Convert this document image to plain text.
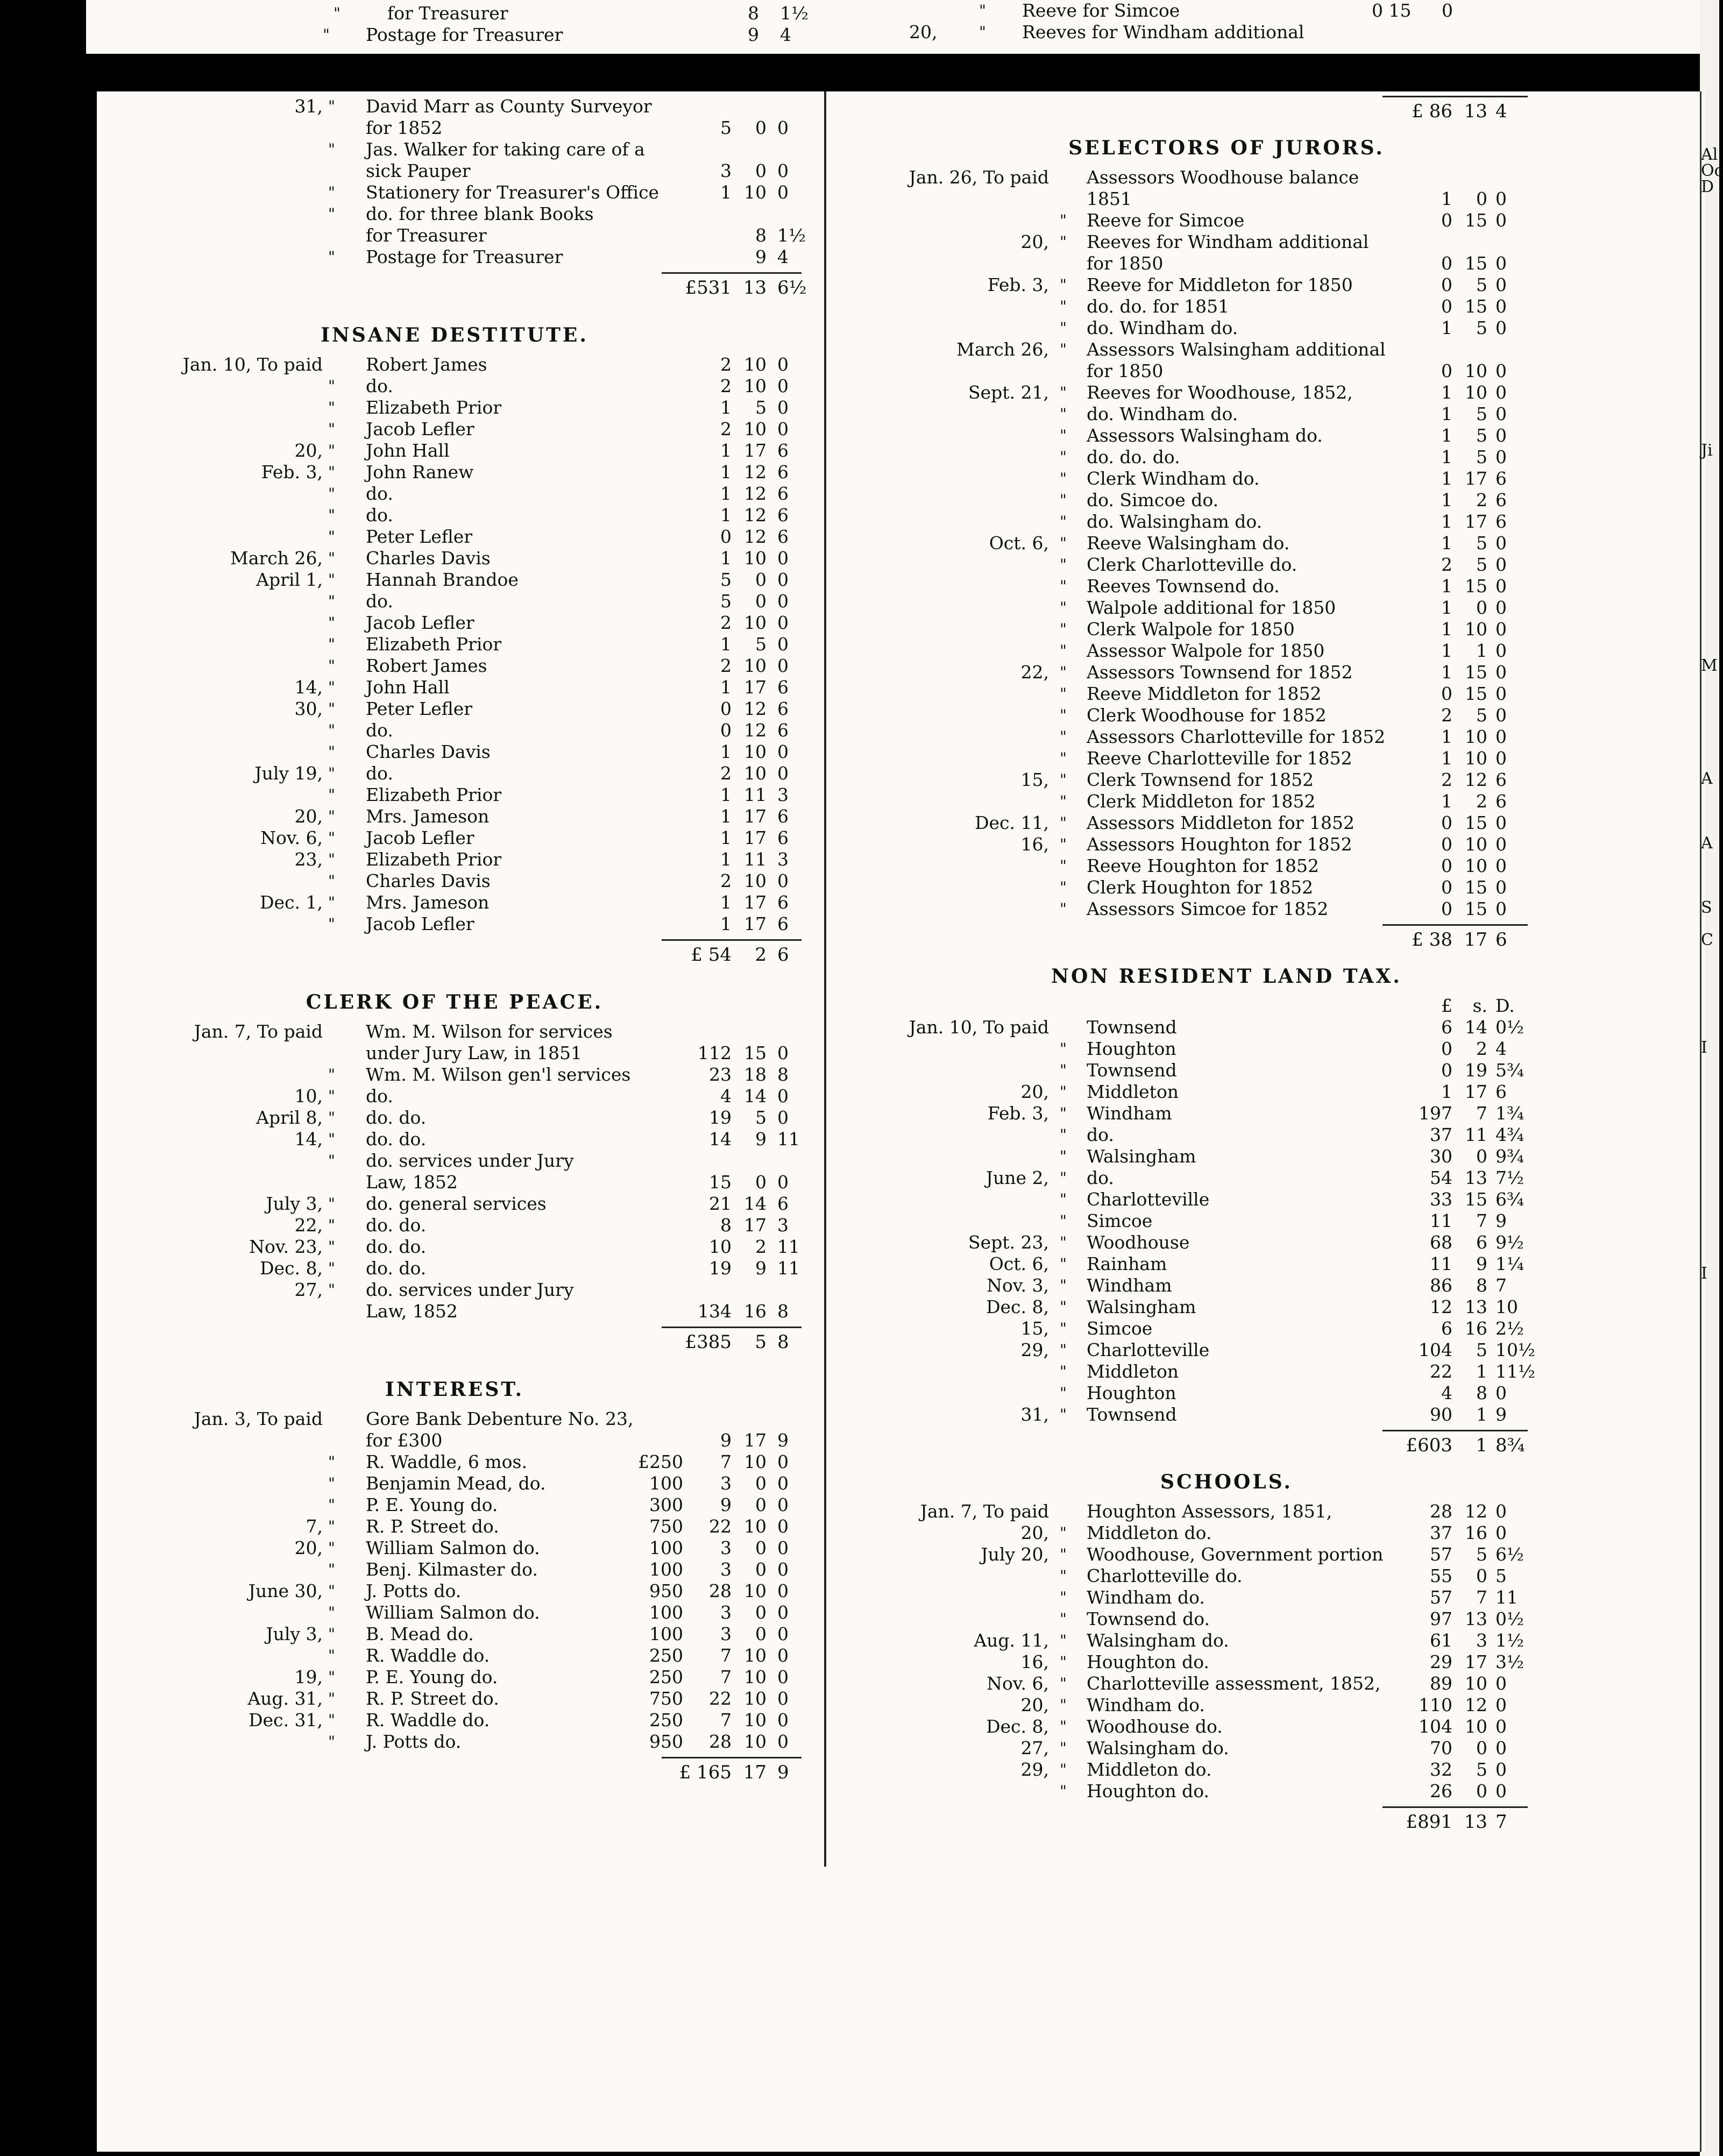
"	for Treasurer	8 1½
" Postage for Treasurer	9 4
" Reeve for Simcoe	0 15 0
20,	" Reeves for Windham additional
31, " David Marr as County Surveyor
for 1852	5	0 0
" Jas. Walker for taking care of a
sick Pauper	3	0 0
" Stationery for Treasurer's Office	1 10 0
" do. for three blank Books
for Treasurer	8 1½
" Postage for Treasurer	9 4
£531 13 6½
INSANE DESTITUTE.
Jan. 10, To paid Robert James	2 10 0
" do.	2 10 0
" Elizabeth Prior	1	5 0
" Jacob Lefler	2 10 0
20, " John Hall	1 17 6
Feb. 3, " John Ranew	1 12 6
" do.	1 12 6
" do.	1 12 6
" Peter Lefler	0 12 6
March 26, " Charles Davis	1 10 0
April 1, " Hannah Brandoe	5	0 0
" do.	5	0 0
" Jacob Lefler	2 10 0
" Elizabeth Prior	1	5 0
" Robert James	2 10 0
14, " John Hall	1 17 6
30, " Peter Lefler	0 12 6
" do.	0 12 6
" Charles Davis	1 10 0
July 19, " do.	2 10 0
" Elizabeth Prior	1 11 3
20, " Mrs. Jameson	1 17 6
Nov. 6, " Jacob Lefler	1 17 6
23, " Elizabeth Prior	1 11 3
" Charles Davis	2 10 0
Dec. 1, " Mrs. Jameson	1 17 6
" Jacob Lefler	1 17 6
£ 54	2 6
CLERK OF THE PEACE.
Jan. 7, To paid Wm. M. Wilson for services
under Jury Law, in 1851	112 15 0
" Wm. M. Wilson gen'l services	23 18 8
10, " do.	4 14 0
April 8, " do. do.	19	5 0
14, " do. do.	14	9 11
" do. services under Jury
Law, 1852	15	0 0
July 3, " do. general services	21 14 6
22, " do. do.	8 17 3
Nov. 23, " do. do.	10	2 11
Dec. 8, " do. do.	19	9 11
27, " do. services under Jury
Law, 1852	134 16 8
£385	5 8
INTEREST.
Jan. 3, To paid Gore Bank Debenture No. 23,
for £300	9 17 9
" R. Waddle, 6 mos.	£250	7 10 0
" Benjamin Mead, do.	100	3	0 0
" P. E. Young do.	300	9	0 0
7, " R. P. Street do.	750	22 10 0
20, " William Salmon do.	100	3	0 0
" Benj. Kilmaster do.	100	3	0 0
June 30, " J. Potts do.	950	28 10 0
" William Salmon do.	100	3	0 0
July 3, " B. Mead do.	100	3	0 0
" R. Waddle do.	250	7 10 0
19, " P. E. Young do.	250	7 10 0
Aug. 31, " R. P. Street do.	750	22 10 0
Dec. 31, " R. Waddle do.	250	7 10 0
" J. Potts do.	950	28 10 0
£ 165 17 9
£ 86 13 4
SELECTORS OF JURORS.
Jan. 26, To paid Assessors Woodhouse balance
1851	1	0 0
" Reeve for Simcoe	0 15 0
20, " Reeves for Windham additional
for 1850	0 15 0
Feb. 3, " Reeve for Middleton for 1850	0	5 0
" do. do. for 1851	0 15 0
" do. Windham do.	1	5 0
March 26, " Assessors Walsingham additional
for 1850	0 10 0
Sept. 21, " Reeves for Woodhouse, 1852,	1 10 0
" do. Windham do.	1	5 0
" Assessors Walsingham do.	1	5 0
" do. do. do.	1	5 0
" Clerk Windham do.	1 17 6
" do. Simcoe do.	1	2 6
" do. Walsingham do.	1 17 6
Oct. 6, " Reeve Walsingham do.	1	5 0
" Clerk Charlotteville do.	2	5 0
" Reeves Townsend do.	1 15 0
" Walpole additional for 1850	1	0 0
" Clerk Walpole for 1850	1 10 0
" Assessor Walpole for 1850	1	1 0
22, " Assessors Townsend for 1852	1 15 0
" Reeve Middleton for 1852	0 15 0
" Clerk Woodhouse for 1852	2	5 0
" Assessors Charlotteville for 1852	1 10 0
" Reeve Charlotteville for 1852	1 10 0
15, " Clerk Townsend for 1852	2 12 6
" Clerk Middleton for 1852	1	2 6
Dec. 11, " Assessors Middleton for 1852	0 15 0
16, " Assessors Houghton for 1852	0 10 0
" Reeve Houghton for 1852	0 10 0
" Clerk Houghton for 1852	0 15 0
" Assessors Simcoe for 1852	0 15 0
£ 38 17 6
NON RESIDENT LAND TAX.
£	s. D.
Jan. 10, To paid Townsend	6 14 0½
" Houghton	0	2 4
" Townsend	0 19 5¾
20, " Middleton	1 17 6
Feb. 3, " Windham	197	7 1¾
" do.	37 11 4¾
" Walsingham	30	0 9¾
June 2, " do.	54 13 7½
" Charlotteville	33 15 6¾
" Simcoe	11	7 9
Sept. 23, " Woodhouse	68	6 9½
Oct. 6, " Rainham	11	9 1¼
Nov. 3, " Windham	86	8 7
Dec. 8, " Walsingham	12 13 10
15, " Simcoe	6 16 2½
29, " Charlotteville	104	5 10½
" Middleton	22	1 11½
" Houghton	4	8 0
31, " Townsend	90	1 9
£603	1 8¾
SCHOOLS.
Jan. 7, To paid Houghton Assessors, 1851,	28 12 0
20, " Middleton do.	37 16 0
July 20, " Woodhouse, Government portion	57	5 6½
" Charlotteville do.	55	0 5
" Windham do.	57	7 11
" Townsend do.	97 13 0½
Aug. 11, " Walsingham do.	61	3 1½
16, " Houghton do.	29 17 3½
Nov. 6, " Charlotteville assessment, 1852,	89 10 0
20, " Windham do.	110 12 0
Dec. 8, " Woodhouse do.	104 10 0
27, " Walsingham do.	70	0 0
29, " Middleton do.	32	5 0
" Houghton do.	26	0 0
£891 13 7
Al
Oc
D
Ji
M
A
A
S
C
I
I
